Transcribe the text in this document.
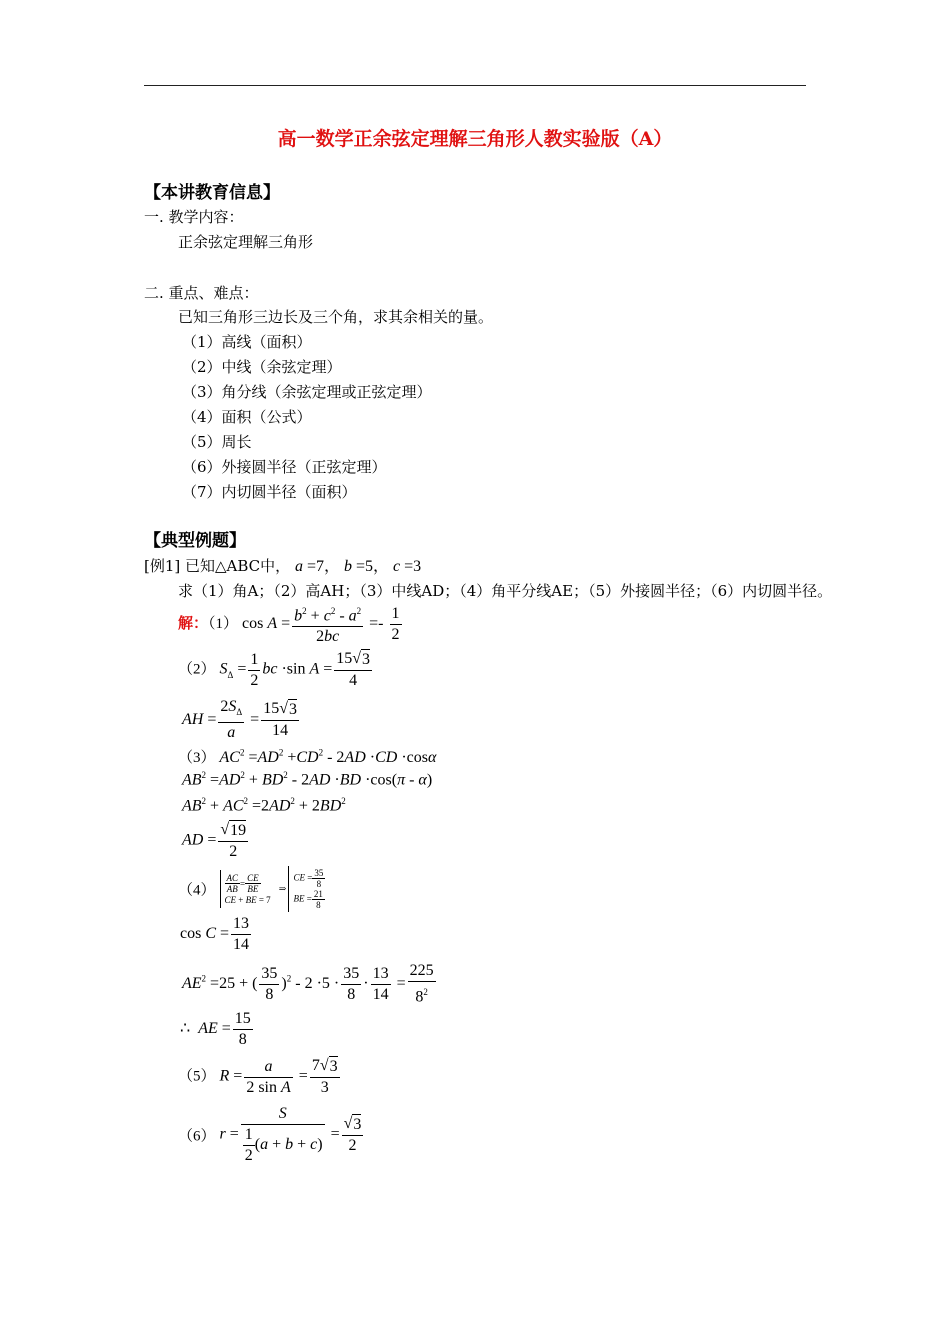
高一数学正余弦定理解三角形人教实验版（A）
【本讲教育信息】
一. 教学内容：
正余弦定理解三角形
二. 重点、难点：
已知三角形三边长及三个角，求其余相关的量。
（1）高线（面积）
（2）中线（余弦定理）
（3）角分线（余弦定理或正弦定理）
（4）面积（公式）
（5）周长
（6）外接圆半径（正弦定理）
（7）内切圆半径（面积）
【典型例题】
[例1] 已知△ABC中， a =7， b =5， c =3
求（1）角A；（2）高AH；（3）中线AD；（4）角平分线AE；（5）外接圆半径；（6）内切圆半径。
解：（1） $\cos A = \frac{b^2 + c^2 - a^2}{2bc} =- \frac{1}{2}$
（2） $S_\Delta = \frac{1}{2}$ bc ·sin $A = \frac{15√ 3}{4}$
AH = $\frac{2S_\Delta}{a} = \frac{15√ 3}{14}$
（3） $AC^2 =AD^2 +CD^2 - 2AD \cdot CD \cdot\cos\alpha$
$AB^2 =AD^2 + BD^2 - 2AD \cdot BD \cdot\cos(\pi - \alpha)$
$AB^2 + AC^2 =2AD^2 + 2BD^2$
AD = $\frac{√ 19}{2}$
$(4) \frac{AC}{AB} = \frac{CE}{BE}$

CE + BE = 7 ⇒ CE = $\frac{35}{8}$

BE = $\frac{21}{8}$
$\cos C = \frac{13}{14}$
$AE^2 =25$ + ( $\frac{35}{8} )^2 - 2 \cdot 5 \cdot \frac{35}{8} \cdot \frac{13}{14} = \frac{225}{8^2}$
∴  AE = $\frac{15}{8}$
（5） $R = \frac{a}{\text{2 sin A}} = \frac{7√ 3}{3}$
（6） $r = \frac{S}{\frac{1}{2} (a + b + c)} = \frac{√ 3}{2}$
